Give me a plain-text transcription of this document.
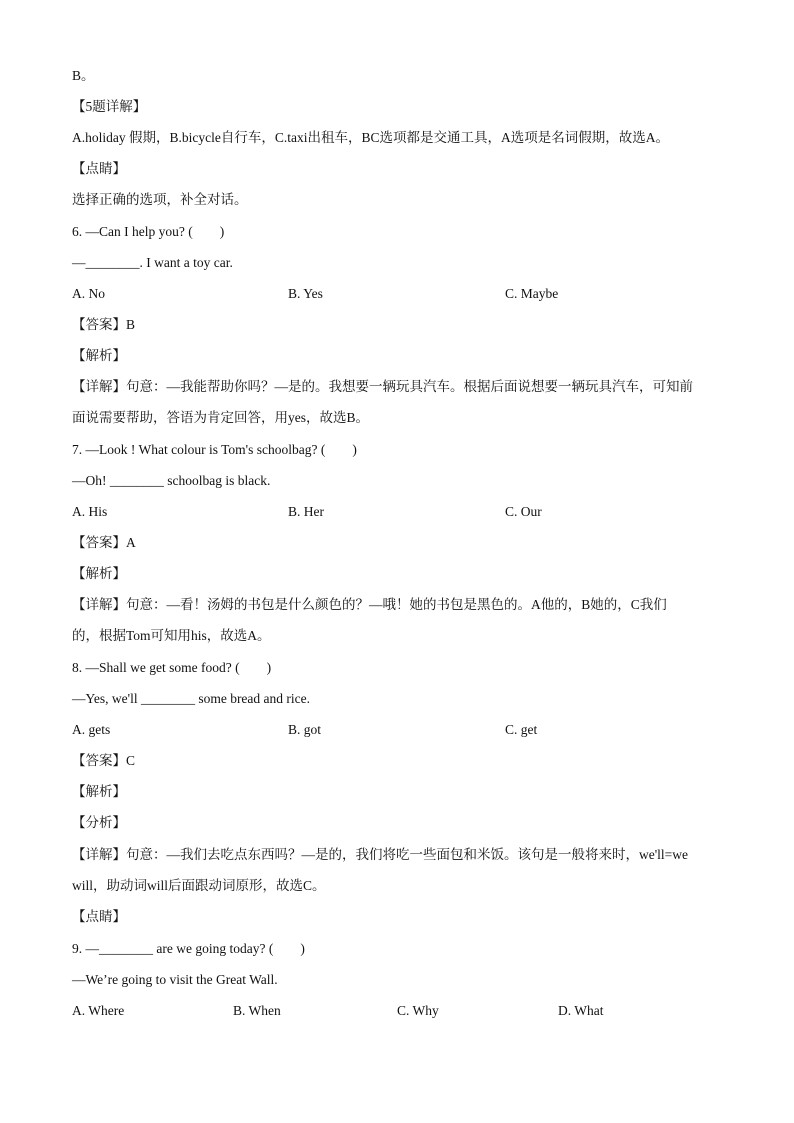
B。
【5题详解】
A.holiday 假期，B.bicycle自行车，C.taxi出租车，BC选项都是交通工具，A选项是名词假期，故选A。
【点睛】
选择正确的选项，补全对话。
6. —Can I help you? (　　)
—________. I want a toy car.
A. No	B. Yes	C. Maybe
【答案】B
【解析】
【详解】句意：—我能帮助你吗？—是的。我想要一辆玩具汽车。根据后面说想要一辆玩具汽车，可知前
面说需要帮助，答语为肯定回答，用yes，故选B。
7. —Look ! What colour is Tom's schoolbag? (　　)
—Oh! ________ schoolbag is black.
A. His	B. Her	C. Our
【答案】A
【解析】
【详解】句意：—看！汤姆的书包是什么颜色的？—哦！她的书包是黑色的。A他的，B她的，C我们
的，根据Tom可知用his，故选A。
8. —Shall we get some food? (　　)
—Yes, we'll ________ some bread and rice.
A. gets	B. got	C. get
【答案】C
【解析】
【分析】
【详解】句意：—我们去吃点东西吗？—是的，我们将吃一些面包和米饭。该句是一般将来时，we'll=we
will，助动词will后面跟动词原形，故选C。
【点睛】
9. —________ are we going today? (　　)
—We’re going to visit the Great Wall.
A. Where	B. When	C. Why	D. What
